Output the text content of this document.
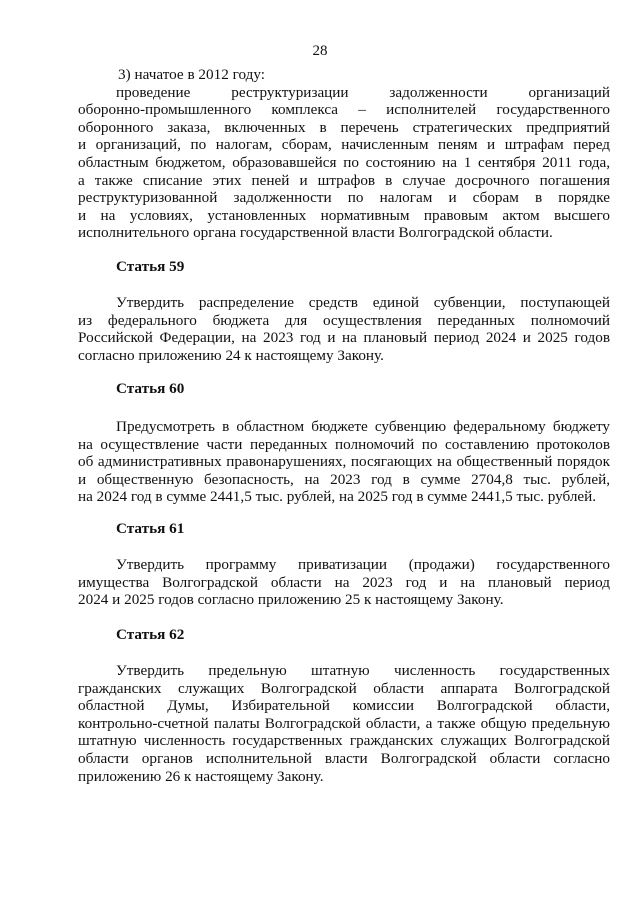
28

3) начатое в 2012 году:

проведение реструктуризации задолженности организаций

оборонно-промышленного комплекса – исполнителей государственного

оборонного заказа, включенных в перечень стратегических предприятий

и организаций, по налогам, сборам, начисленным пеням и штрафам перед

областным бюджетом, образовавшейся по состоянию на 1 сентября 2011 года,

а также списание этих пеней и штрафов в случае досрочного погашения

реструктуризованной задолженности по налогам и сборам в порядке

и на условиях, установленных нормативным правовым актом высшего

исполнительного органа государственной власти Волгоградской области.

Статья 59

Утвердить распределение средств единой субвенции, поступающей

из федерального бюджета для осуществления переданных полномочий

Российской Федерации, на 2023 год и на плановый период 2024 и 2025 годов

согласно приложению 24 к настоящему Закону.

Статья 60

Предусмотреть в областном бюджете субвенцию федеральному бюджету

на осуществление части переданных полномочий по составлению протоколов

об административных правонарушениях, посягающих на общественный порядок

и общественную безопасность, на 2023 год в сумме 2704,8 тыс. рублей,

на 2024 год в сумме 2441,5 тыс. рублей, на 2025 год в сумме 2441,5 тыс. рублей.

Статья 61

Утвердить программу приватизации (продажи) государственного

имущества Волгоградской области на 2023 год и на плановый период

2024 и 2025 годов согласно приложению 25 к настоящему Закону.

Статья 62

Утвердить предельную штатную численность государственных

гражданских служащих Волгоградской области аппарата Волгоградской

областной Думы, Избирательной комиссии Волгоградской области,

контрольно-счетной палаты Волгоградской области, а также общую предельную

штатную численность государственных гражданских служащих Волгоградской

области органов исполнительной власти Волгоградской области согласно

приложению 26 к настоящему Закону.
